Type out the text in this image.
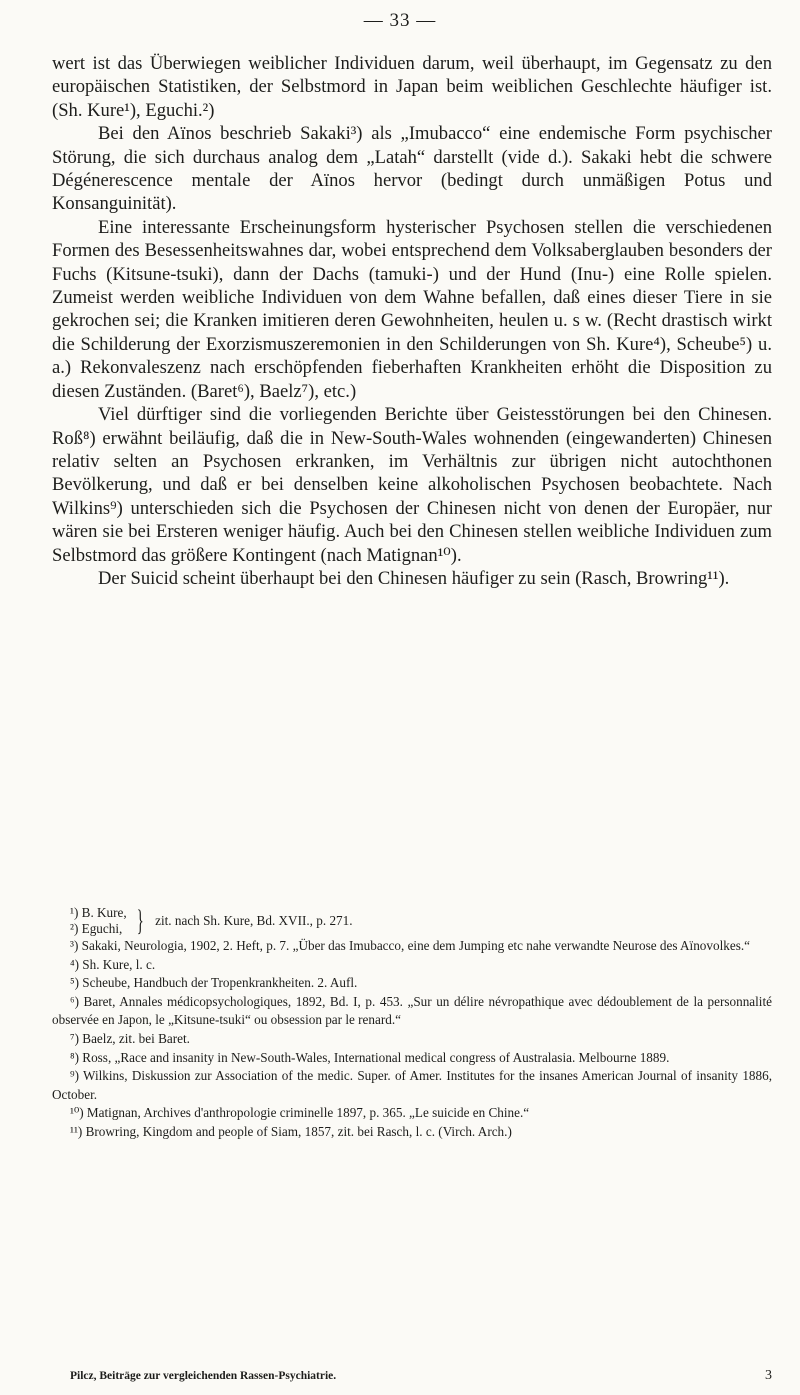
— 33 —

wert ist das Überwiegen weiblicher Individuen darum, weil überhaupt, im Gegensatz zu den europäischen Statistiken, der Selbstmord in Japan beim weiblichen Geschlechte häufiger ist. (Sh. Kure¹), Eguchi.²)

Bei den Aïnos beschrieb Sakaki³) als „Imubacco“ eine endemische Form psychischer Störung, die sich durchaus analog dem „Latah“ darstellt (vide d.). Sakaki hebt die schwere Dégénerescence mentale der Aïnos hervor (bedingt durch unmäßigen Potus und Konsanguinität).

Eine interessante Erscheinungsform hysterischer Psychosen stellen die verschiedenen Formen des Besessenheitswahnes dar, wobei entsprechend dem Volksaberglauben besonders der Fuchs (Kitsune-tsuki), dann der Dachs (tamuki-) und der Hund (Inu-) eine Rolle spielen. Zumeist werden weibliche Individuen von dem Wahne befallen, daß eines dieser Tiere in sie gekrochen sei; die Kranken imitieren deren Gewohnheiten, heulen u. s w. (Recht drastisch wirkt die Schilderung der Exorzismuszeremonien in den Schilderungen von Sh. Kure⁴), Scheube⁵) u. a.) Rekonvaleszenz nach erschöpfenden fieberhaften Krankheiten erhöht die Disposition zu diesen Zuständen. (Baret⁶), Baelz⁷), etc.)

Viel dürftiger sind die vorliegenden Berichte über Geistesstörungen bei den Chinesen. Roß⁸) erwähnt beiläufig, daß die in New-South-Wales wohnenden (eingewanderten) Chinesen relativ selten an Psychosen erkranken, im Verhältnis zur übrigen nicht autochthonen Bevölkerung, und daß er bei denselben keine alkoholischen Psychosen beobachtete. Nach Wilkins⁹) unterschieden sich die Psychosen der Chinesen nicht von denen der Europäer, nur wären sie bei Ersteren weniger häufig. Auch bei den Chinesen stellen weibliche Individuen zum Selbstmord das größere Kontingent (nach Matignan¹⁰).

Der Suicid scheint überhaupt bei den Chinesen häufiger zu sein (Rasch, Browring¹¹).

¹) B. Kure,
²) Eguchi, } zit. nach Sh. Kure, Bd. XVII., p. 271.

³) Sakaki, Neurologia, 1902, 2. Heft, p. 7. „Über das Imubacco, eine dem Jumping etc nahe verwandte Neurose des Aïnovolkes.“

⁴) Sh. Kure, l. c.

⁵) Scheube, Handbuch der Tropenkrankheiten. 2. Aufl.

⁶) Baret, Annales médicopsychologiques, 1892, Bd. I, p. 453. „Sur un délire névropathique avec dédoublement de la personnalité observée en Japon, le „Kitsune-tsuki“ ou obsession par le renard.“

⁷) Baelz, zit. bei Baret.

⁸) Ross, „Race and insanity in New-South-Wales, International medical congress of Australasia. Melbourne 1889.

⁹) Wilkins, Diskussion zur Association of the medic. Super. of Amer. Institutes for the insanes American Journal of insanity 1886, October.

¹⁰) Matignan, Archives d'anthropologie criminelle 1897, p. 365. „Le suicide en Chine.“

¹¹) Browring, Kingdom and people of Siam, 1857, zit. bei Rasch, l. c. (Virch. Arch.)

Pilcz, Beiträge zur vergleichenden Rassen-Psychiatrie.	3
